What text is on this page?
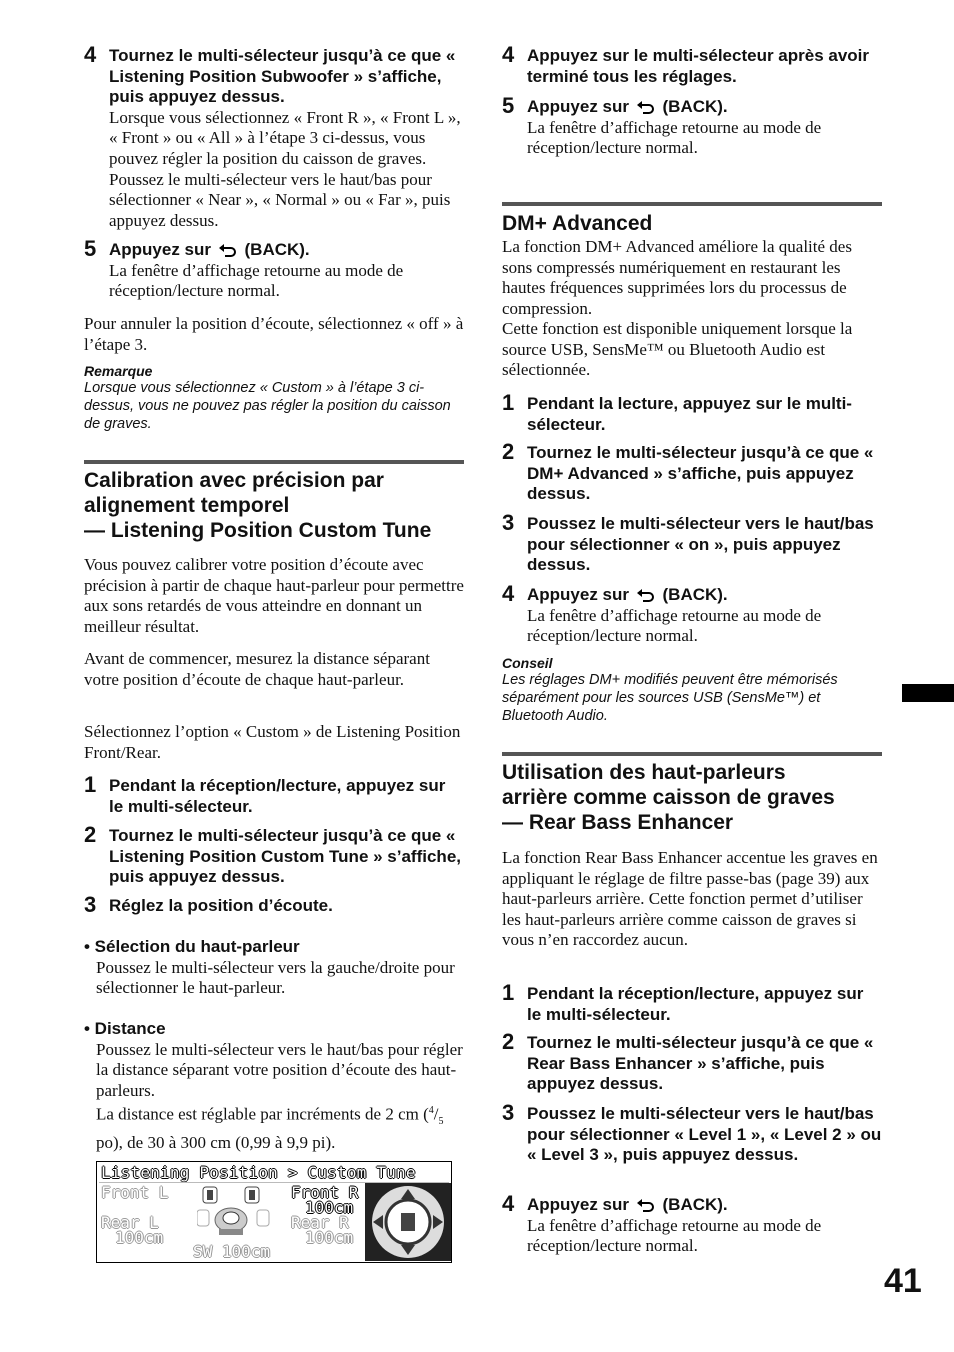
4 Tournez le multi-sélecteur jusqu’à ce que « Listening Position Subwoofer » s’affiche, puis appuyez dessus.
Lorsque vous sélectionnez « Front R », « Front L », « Front » ou « All » à l’étape 3 ci-dessus, vous pouvez régler la position du caisson de graves. Poussez le multi-sélecteur vers le haut/bas pour sélectionner « Near », « Normal » ou « Far », puis appuyez dessus.
5 Appuyez sur (BACK).
La fenêtre d’affichage retourne au mode de réception/lecture normal.
Pour annuler la position d’écoute, sélectionnez « off » à l’étape 3.
Remarque
Lorsque vous sélectionnez « Custom » à l’étape 3 ci-dessus, vous ne pouvez pas régler la position du caisson de graves.
Calibration avec précision par
alignement temporel
— Listening Position Custom Tune
Vous pouvez calibrer votre position d’écoute avec précision à partir de chaque haut-parleur pour permettre aux sons retardés de vous atteindre en donnant un meilleur résultat.
Avant de commencer, mesurez la distance séparant votre position d’écoute de chaque haut-parleur.
Sélectionnez l’option « Custom » de Listening Position Front/Rear.
1 Pendant la réception/lecture, appuyez sur le multi-sélecteur.
2 Tournez le multi-sélecteur jusqu’à ce que « Listening Position Custom Tune » s’affiche, puis appuyez dessus.
3 Réglez la position d’écoute.
• Sélection du haut-parleur
Poussez le multi-sélecteur vers la gauche/droite pour sélectionner le haut-parleur.
• Distance
Poussez le multi-sélecteur vers le haut/bas pour régler la distance séparant votre position d’écoute des haut-parleurs.
La distance est réglable par incréments de 2 cm ($^4/_5$ po), de 30 à 300 cm (0,99 à 9,9 pi).
Listening Position > Custom Tune
Front L
Rear L
100cm
Front R
100cm
Rear R
100cm
SW 100cm
4 Appuyez sur le multi-sélecteur après avoir terminé tous les réglages.
5 Appuyez sur (BACK).
La fenêtre d’affichage retourne au mode de réception/lecture normal.
DM+ Advanced
La fonction DM+ Advanced améliore la qualité des sons compressés numériquement en restaurant les hautes fréquences supprimées lors du processus de compression.
Cette fonction est disponible uniquement lorsque la source USB, SensMe™ ou Bluetooth Audio est sélectionnée.
1 Pendant la lecture, appuyez sur le multi-sélecteur.
2 Tournez le multi-sélecteur jusqu’à ce que « DM+ Advanced » s’affiche, puis appuyez dessus.
3 Poussez le multi-sélecteur vers le haut/bas pour sélectionner « on », puis appuyez dessus.
4 Appuyez sur (BACK).
La fenêtre d’affichage retourne au mode de réception/lecture normal.
Conseil
Les réglages DM+ modifiés peuvent être mémorisés séparément pour les sources USB (SensMe™) et Bluetooth Audio.
Utilisation des haut-parleurs
arrière comme caisson de graves
— Rear Bass Enhancer
La fonction Rear Bass Enhancer accentue les graves en appliquant le réglage de filtre passe-bas (page 39) aux haut-parleurs arrière. Cette fonction permet d’utiliser les haut-parleurs arrière comme caisson de graves si vous n’en raccordez aucun.
1 Pendant la réception/lecture, appuyez sur le multi-sélecteur.
2 Tournez le multi-sélecteur jusqu’à ce que « Rear Bass Enhancer » s’affiche, puis appuyez dessus.
3 Poussez le multi-sélecteur vers le haut/bas pour sélectionner « Level 1 », « Level 2 » ou « Level 3 », puis appuyez dessus.
4 Appuyez sur (BACK).
La fenêtre d’affichage retourne au mode de réception/lecture normal.
41
